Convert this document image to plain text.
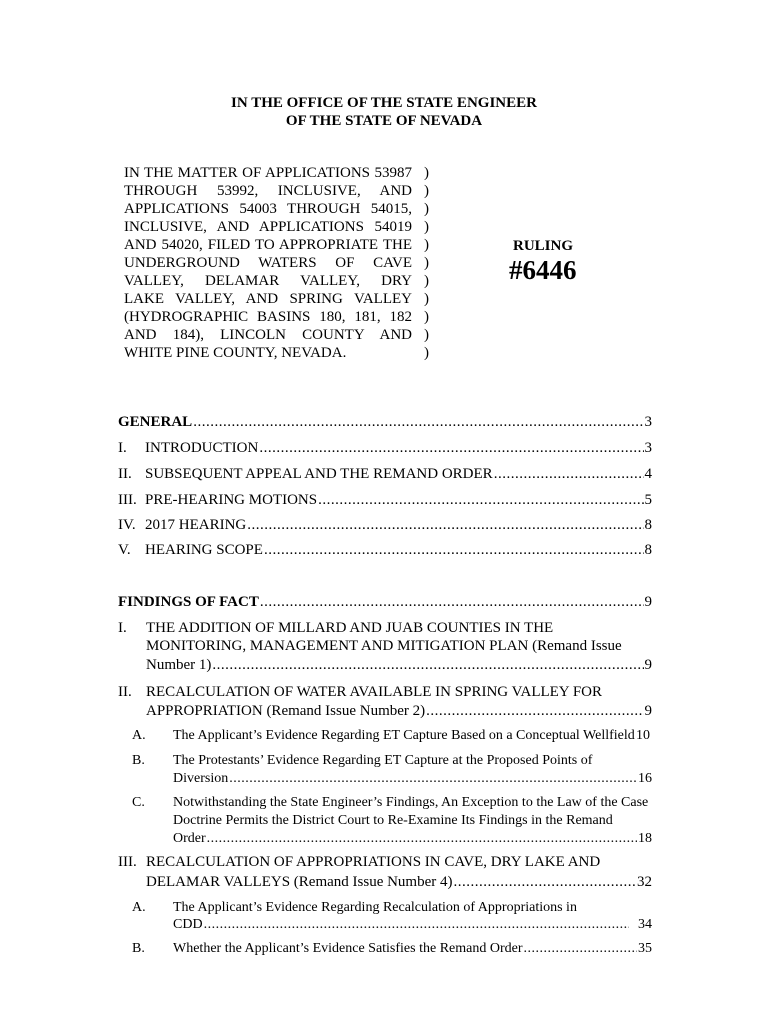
IN THE OFFICE OF THE STATE ENGINEER
OF THE STATE OF NEVADA
IN THE MATTER OF APPLICATIONS 53987
THROUGH 53992, INCLUSIVE, AND
APPLICATIONS 54003 THROUGH 54015,
INCLUSIVE, AND APPLICATIONS 54019
AND 54020, FILED TO APPROPRIATE THE
UNDERGROUND WATERS OF CAVE
VALLEY, DELAMAR VALLEY, DRY
LAKE VALLEY, AND SPRING VALLEY
(HYDROGRAPHIC BASINS 180, 181, 182
AND 184), LINCOLN COUNTY AND
WHITE PINE COUNTY, NEVADA.
)
)
)
)
)
)
)
)
)
)
)
RULING
#6446
GENERAL .....	3
I.	INTRODUCTION .....	3
II. SUBSEQUENT APPEAL AND THE REMAND ORDER .....	4
III. PRE-HEARING MOTIONS .....	5
IV. 2017 HEARING .....	8
V. HEARING SCOPE .....	8
FINDINGS OF FACT .....	9
I. THE ADDITION OF MILLARD AND JUAB COUNTIES IN THE
MONITORING, MANAGEMENT AND MITIGATION PLAN (Remand Issue
Number 1) .....	9
II. RECALCULATION OF WATER AVAILABLE IN SPRING VALLEY FOR
APPROPRIATION (Remand Issue Number 2) .....	9
A. The Applicant’s Evidence Regarding ET Capture Based on a Conceptual Wellfield 10
B. The Protestants’ Evidence Regarding ET Capture at the Proposed Points of
Diversion .....	16
C. Notwithstanding the State Engineer’s Findings, An Exception to the Law of the Case
Doctrine Permits the District Court to Re-Examine Its Findings in the Remand
Order .....	18
III. RECALCULATION OF APPROPRIATIONS IN CAVE, DRY LAKE AND
DELAMAR VALLEYS (Remand Issue Number 4) .....	32
A. The Applicant’s Evidence Regarding Recalculation of Appropriations in
CDD .....	34
B.	Whether the Applicant’s Evidence Satisfies the Remand Order .....	35
